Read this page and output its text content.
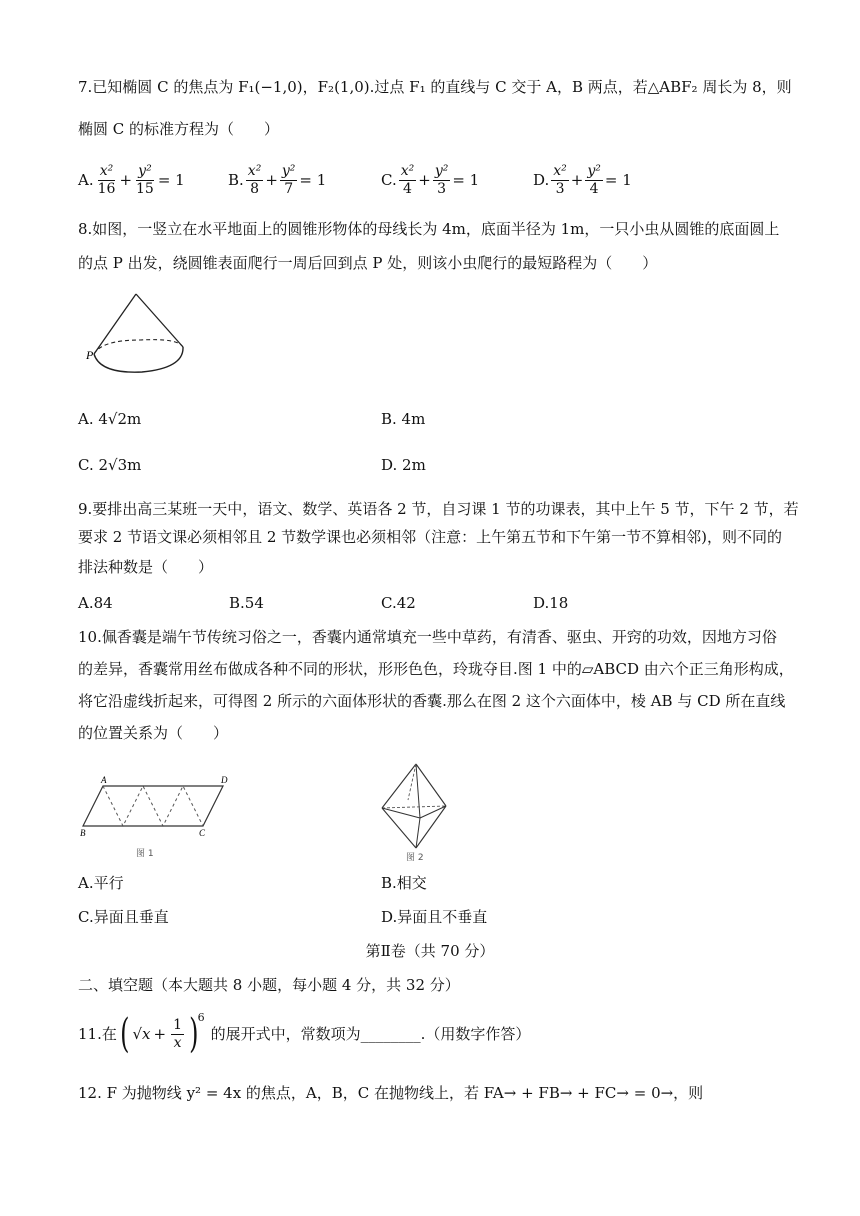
7.已知椭圆 C 的焦点为 F₁(−1,0)，F₂(1,0).过点 F₁ 的直线与 C 交于 A，B 两点，若△ABF₂ 周长为 8，则
椭圆 C 的标准方程为（　　）
A. $\frac{\text{x²}}{16} + \frac{\text{y²}}{15} = 1$	B. $\frac{\text{x²}}{8} + \frac{\text{y²}}{7} = 1$	C. $\frac{\text{x²}}{4} + \frac{\text{y²}}{3} = 1$	D. $\frac{\text{x²}}{3} + \frac{\text{y²}}{4} = 1$
8.如图，一竖立在水平地面上的圆锥形物体的母线长为 4m，底面半径为 1m，一只小虫从圆锥的底面圆上
的点 P 出发，绕圆锥表面爬行一周后回到点 P 处，则该小虫爬行的最短路程为（　　）
P
A. 4√2m	B. 4m
C. 2√3m	D. 2m
9.要排出高三某班一天中，语文、数学、英语各 2 节，自习课 1 节的功课表，其中上午 5 节，下午 2 节，若
要求 2 节语文课必须相邻且 2 节数学课也必须相邻（注意：上午第五节和下午第一节不算相邻)，则不同的
排法种数是（　　）
A.84	B.54	C.42	D.18
10.佩香囊是端午节传统习俗之一，香囊内通常填充一些中草药，有清香、驱虫、开窍的功效，因地方习俗
的差异，香囊常用丝布做成各种不同的形状，形形色色，玲珑夺目.图 1 中的▱ABCD 由六个正三角形构成，
将它沿虚线折起来，可得图 2 所示的六面体形状的香囊.那么在图 2 这个六面体中，棱 AB 与 CD 所在直线
的位置关系为（　　）
A	D
B	C
图 1	图 2
A.平行	B.相交
C.异面且垂直	D.异面且不垂直
第Ⅱ卷（共 70 分）
二、填空题（本大题共 8 小题，每小题 4 分，共 32 分）
11.在 ( $√x + \frac{1}{x}$ ) 6
的展开式中，常数项为________.（用数字作答）
12. F 为抛物线 y² = 4x 的焦点，A，B，C 在抛物线上，若 FA→ + FB→ + FC→ = 0→，则
